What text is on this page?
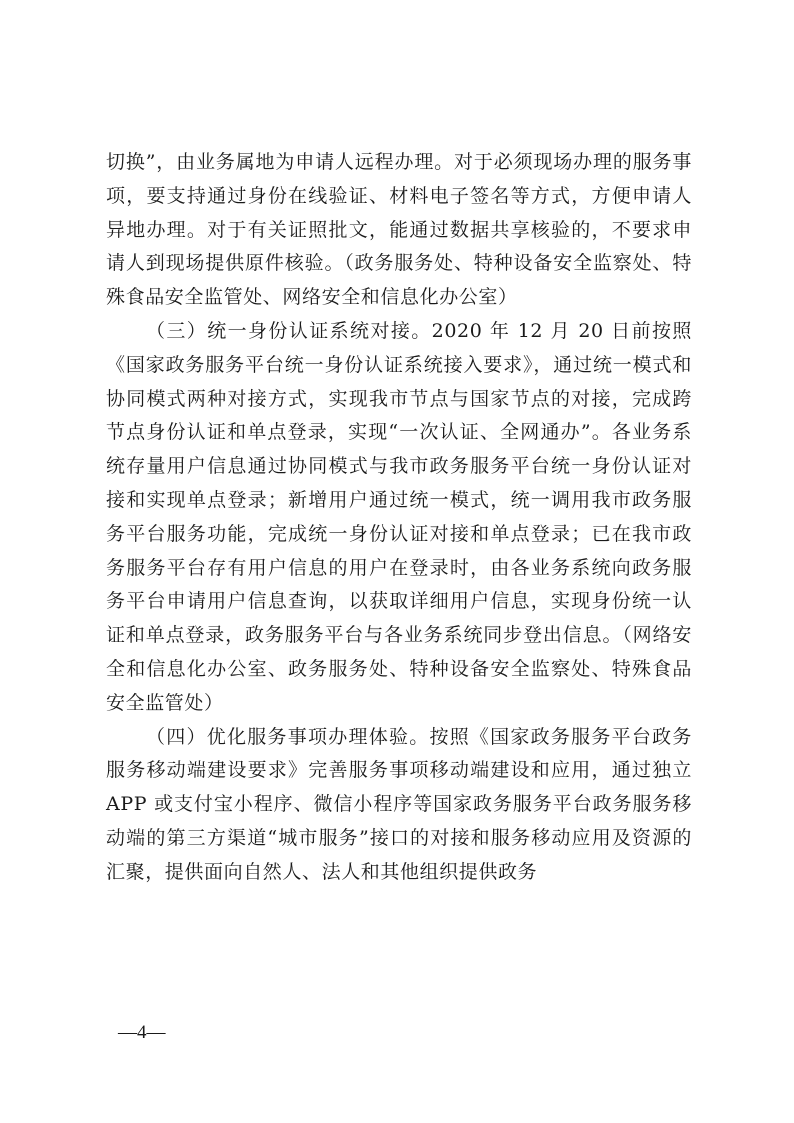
切换”，由业务属地为申请人远程办理。对于必须现场办理的服务事项，要支持通过身份在线验证、材料电子签名等方式，方便申请人异地办理。对于有关证照批文，能通过数据共享核验的，不要求申请人到现场提供原件核验。（政务服务处、特种设备安全监察处、特殊食品安全监管处、网络安全和信息化办公室）

（三）统一身份认证系统对接。2020 年 12 月 20 日前按照《国家政务服务平台统一身份认证系统接入要求》，通过统一模式和协同模式两种对接方式，实现我市节点与国家节点的对接，完成跨节点身份认证和单点登录，实现“一次认证、全网通办”。各业务系统存量用户信息通过协同模式与我市政务服务平台统一身份认证对接和实现单点登录；新增用户通过统一模式，统一调用我市政务服务平台服务功能，完成统一身份认证对接和单点登录；已在我市政务服务平台存有用户信息的用户在登录时，由各业务系统向政务服务平台申请用户信息查询，以获取详细用户信息，实现身份统一认证和单点登录，政务服务平台与各业务系统同步登出信息。（网络安全和信息化办公室、政务服务处、特种设备安全监察处、特殊食品安全监管处）

（四）优化服务事项办理体验。按照《国家政务服务平台政务服务移动端建设要求》完善服务事项移动端建设和应用，通过独立 APP 或支付宝小程序、微信小程序等国家政务服务平台政务服务移动端的第三方渠道“城市服务”接口的对接和服务移动应用及资源的汇聚，提供面向自然人、法人和其他组织提供政务

—4—
